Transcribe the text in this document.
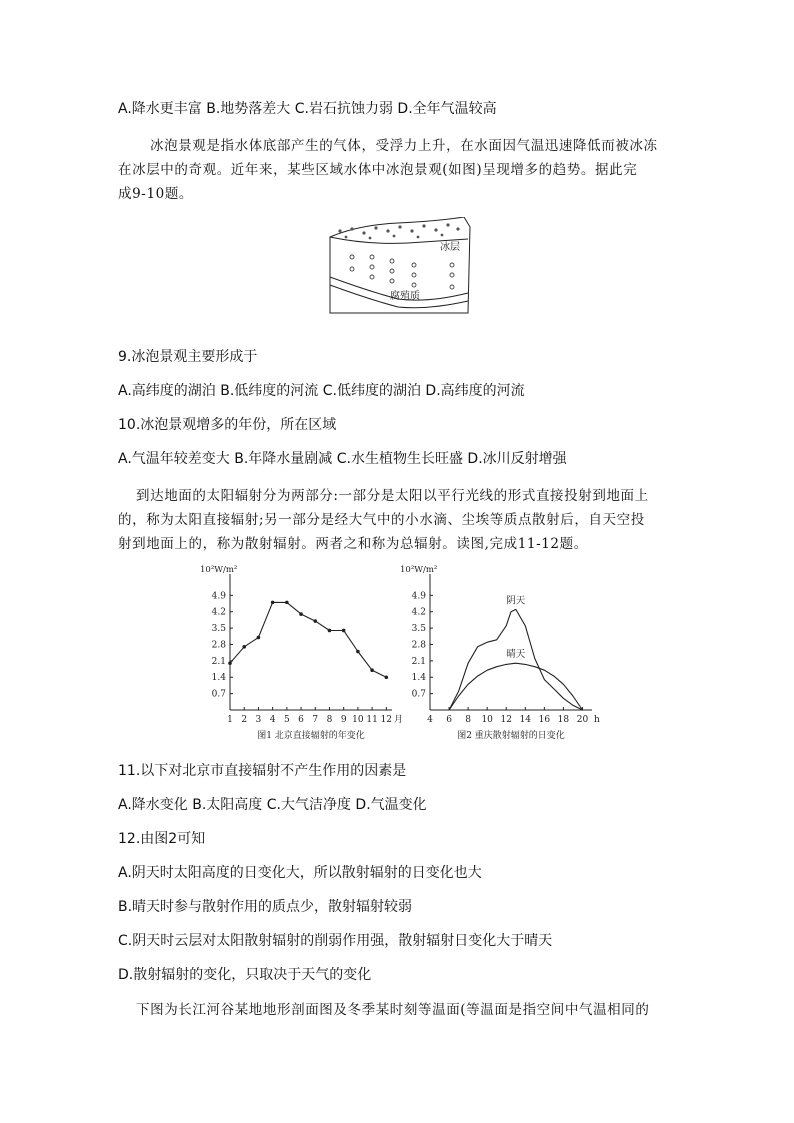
A.降水更丰富 B.地势落差大 C.岩石抗蚀力弱 D.全年气温较高
冰泡景观是指水体底部产生的气体，受浮力上升，在水面因气温迅速降低而被冰冻
在冰层中的奇观。近年来，某些区域水体中冰泡景观(如图)呈现增多的趋势。据此完
成9-10题。
冰层
腐殖质
9.冰泡景观主要形成于
A.高纬度的湖泊 B.低纬度的河流 C.低纬度的湖泊 D.高纬度的河流
10.冰泡景观增多的年份，所在区域
A.气温年较差变大 B.年降水量剧减 C.水生植物生长旺盛 D.冰川反射增强
到达地面的太阳辐射分为两部分:一部分是太阳以平行光线的形式直接投射到地面上
的，称为太阳直接辐射;另一部分是经大气中的小水滴、尘埃等质点散射后，自天空投
射到地面上的，称为散射辐射。两者之和称为总辐射。读图,完成11-12题。
10²W/m²
0.7
1.4
2.1
2.8
3.5
4.2
4.9
1 2 3 4 5 6 7 8 9 10 11 12 月
图1 北京直接辐射的年变化
10²W/m²
0.7
1.4
2.1
2.8
3.5
4.2
4.9
4 6 8 10 12 14 16 18 20 h
图2 重庆散射辐射的日变化
阴天
晴天
11.以下对北京市直接辐射不产生作用的因素是
A.降水变化 B.太阳高度 C.大气洁净度 D.气温变化
12.由图2可知
A.阴天时太阳高度的日变化大，所以散射辐射的日变化也大
B.晴天时参与散射作用的质点少，散射辐射较弱
C.阴天时云层对太阳散射辐射的削弱作用强，散射辐射日变化大于晴天
D.散射辐射的变化，只取决于天气的变化
下图为长江河谷某地地形剖面图及冬季某时刻等温面(等温面是指空间中气温相同的
